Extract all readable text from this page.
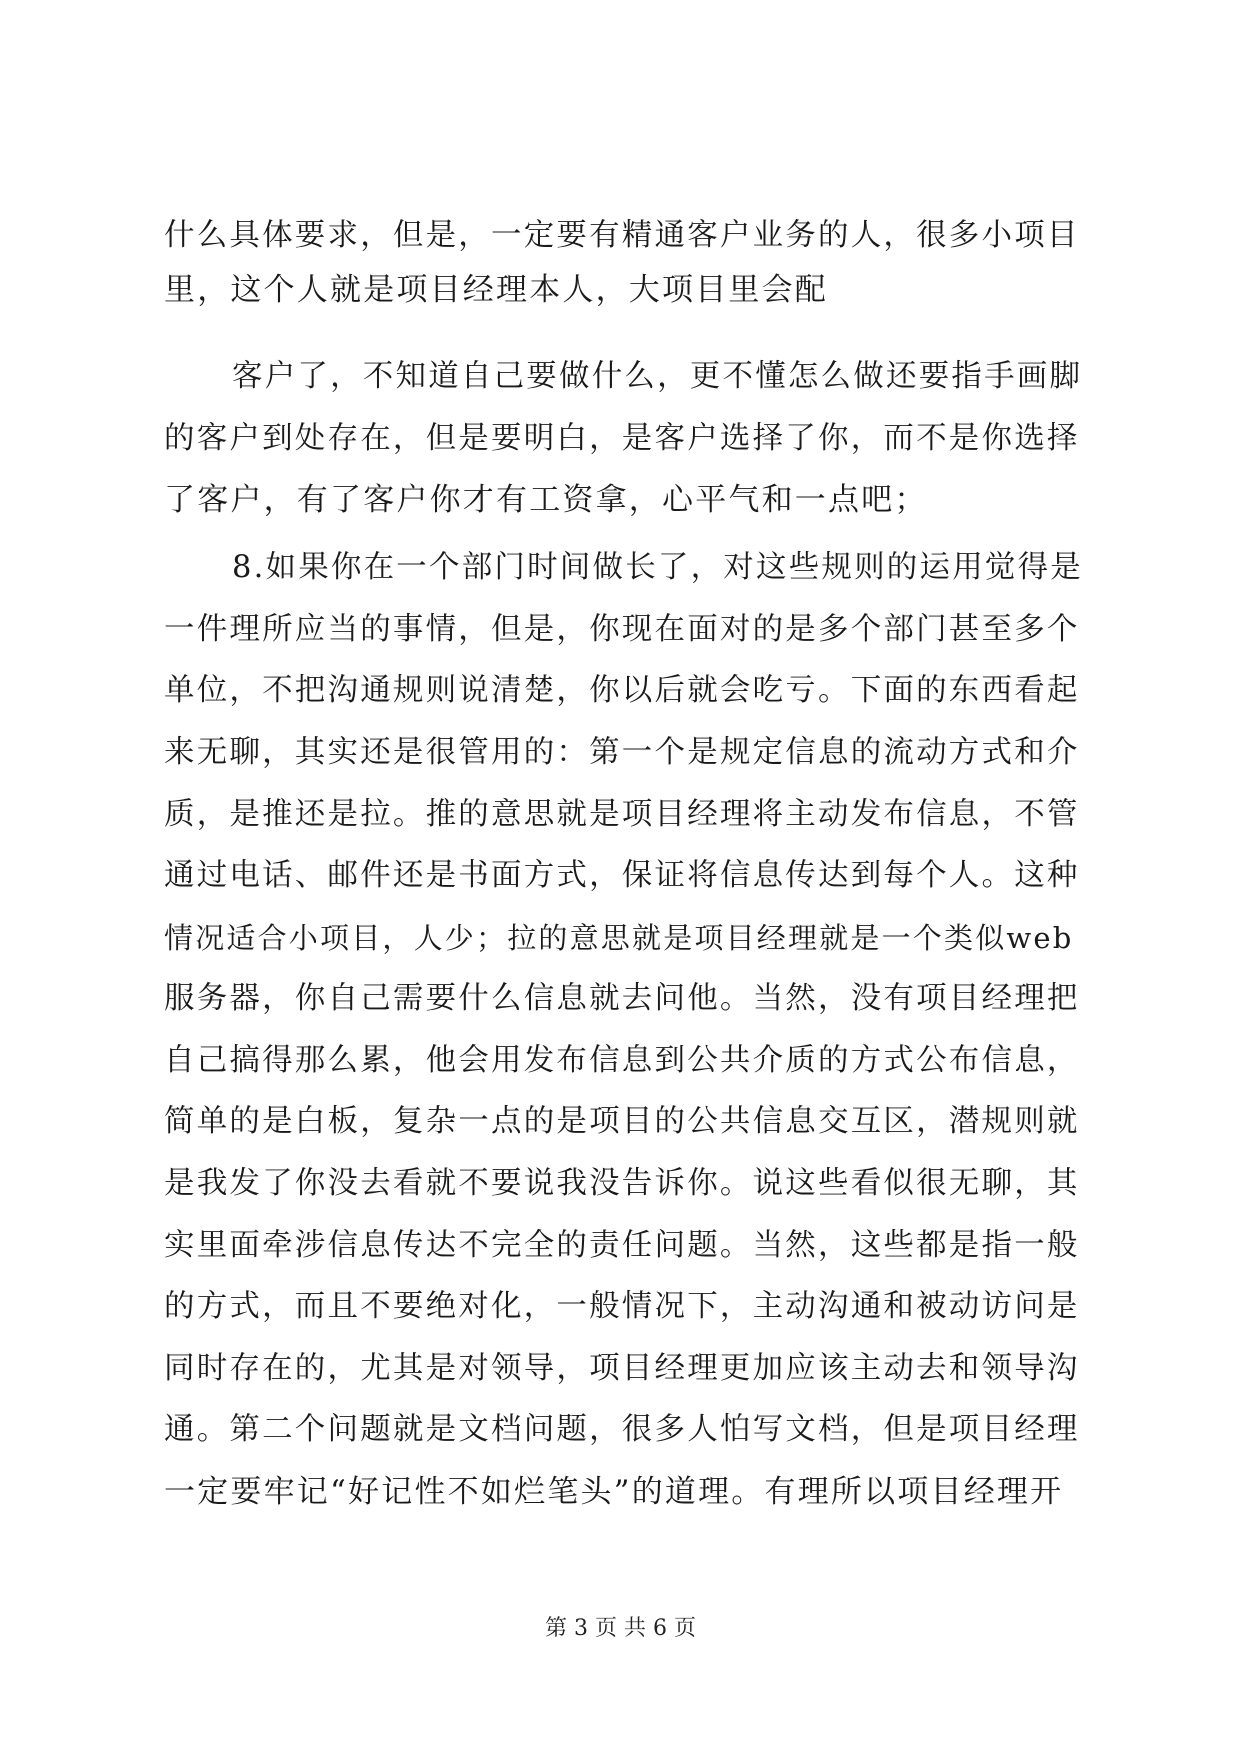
什么具体要求，但是，一定要有精通客户业务的人，很多小项目
里，这个人就是项目经理本人，大项目里会配
客户了，不知道自己要做什么，更不懂怎么做还要指手画脚
的客户到处存在，但是要明白，是客户选择了你，而不是你选择
了客户，有了客户你才有工资拿，心平气和一点吧；
8.如果你在一个部门时间做长了，对这些规则的运用觉得是
一件理所应当的事情，但是，你现在面对的是多个部门甚至多个
单位，不把沟通规则说清楚，你以后就会吃亏。下面的东西看起
来无聊，其实还是很管用的：第一个是规定信息的流动方式和介
质，是推还是拉。推的意思就是项目经理将主动发布信息，不管
通过电话、邮件还是书面方式，保证将信息传达到每个人。这种
情况适合小项目，人少；拉的意思就是项目经理就是一个类似web
服务器，你自己需要什么信息就去问他。当然，没有项目经理把
自己搞得那么累，他会用发布信息到公共介质的方式公布信息，
简单的是白板，复杂一点的是项目的公共信息交互区，潜规则就
是我发了你没去看就不要说我没告诉你。说这些看似很无聊，其
实里面牵涉信息传达不完全的责任问题。当然，这些都是指一般
的方式，而且不要绝对化，一般情况下，主动沟通和被动访问是
同时存在的，尤其是对领导，项目经理更加应该主动去和领导沟
通。第二个问题就是文档问题，很多人怕写文档，但是项目经理
一定要牢记“好记性不如烂笔头”的道理。有理所以项目经理开
第 3 页 共 6 页
